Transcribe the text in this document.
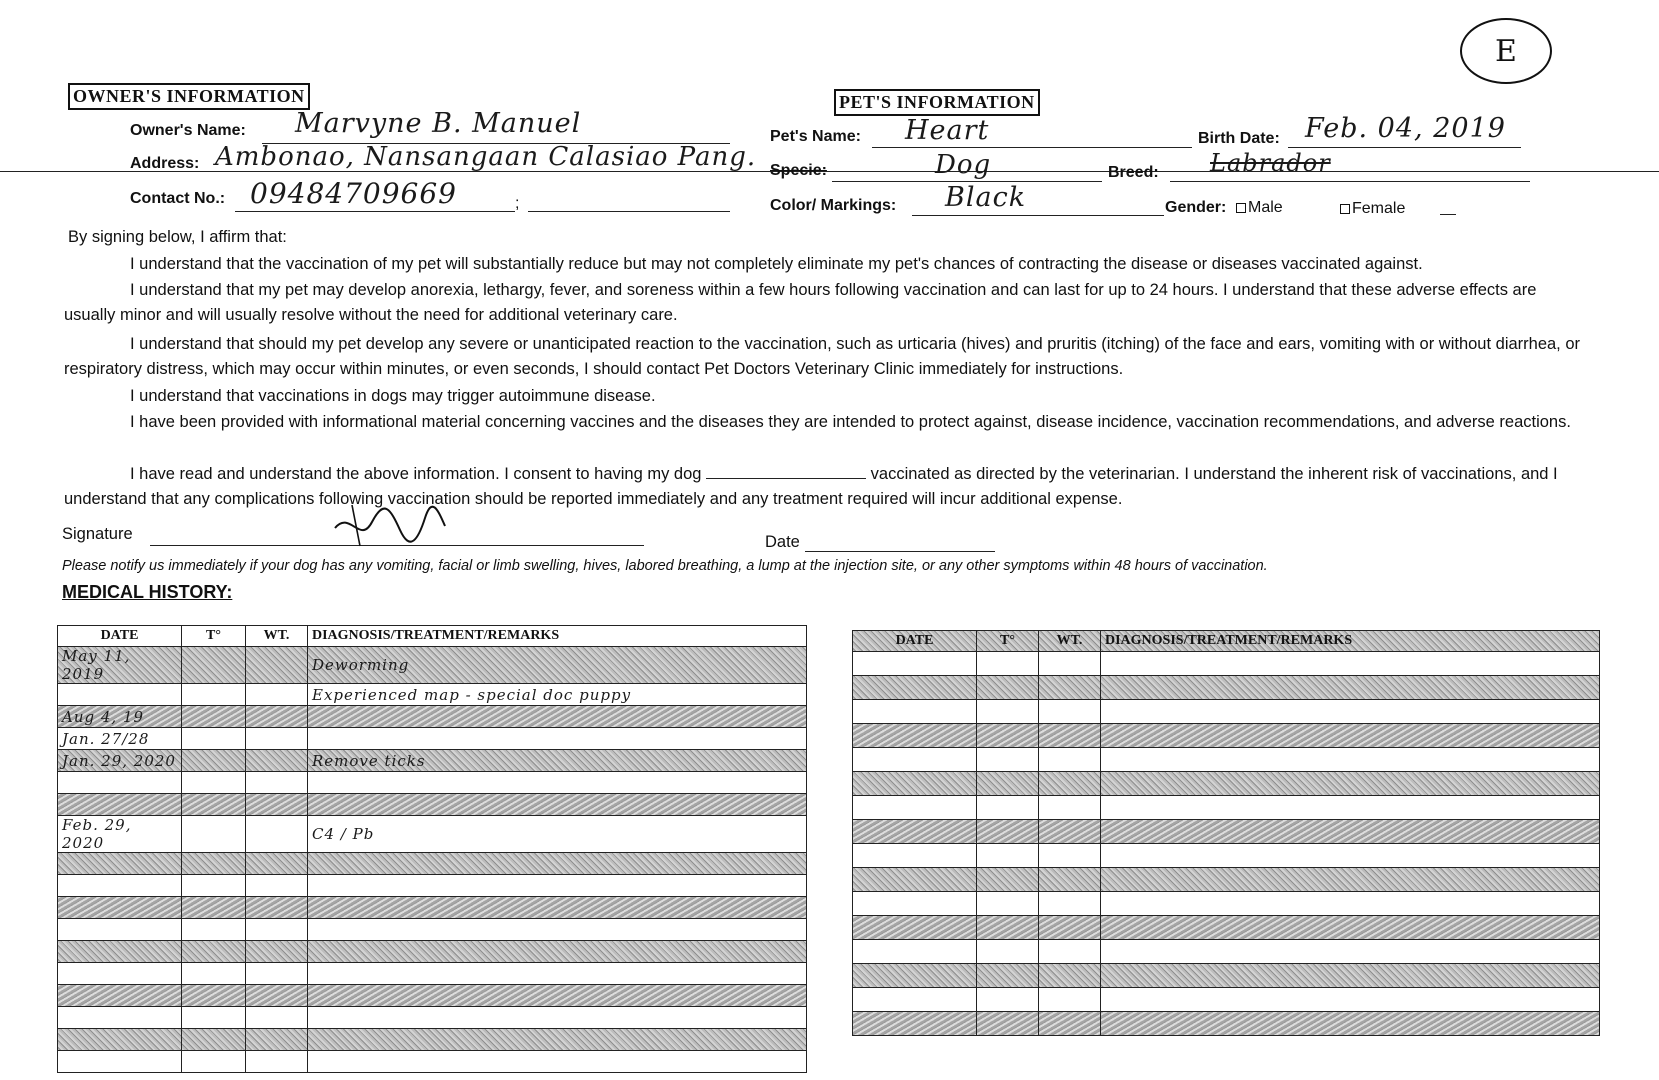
E
OWNER'S INFORMATION
Owner's Name: Marvyne B. Manuel
Address: Ambonao, Nansangaan Calasiao Pang.
Contact No.: 09484709669	;
PET'S INFORMATION
Pet's Name: Heart	Birth Date: Feb. 04, 2019
Specie:	Dog	Breed: Labrador
Color/ Markings: Black	Gender:	Male	Female
By signing below, I affirm that:
I understand that the vaccination of my pet will substantially reduce but may not completely eliminate my pet's chances of contracting the disease or diseases vaccinated against.
I understand that my pet may develop anorexia, lethargy, fever, and soreness within a few hours following vaccination and can last for up to 24 hours. I understand that these adverse effects are usually minor and will usually resolve without the need for additional veterinary care.
I understand that should my pet develop any severe or unanticipated reaction to the vaccination, such as urticaria (hives) and pruritis (itching) of the face and ears, vomiting with or without diarrhea, or respiratory distress, which may occur within minutes, or even seconds, I should contact Pet Doctors Veterinary Clinic immediately for instructions.
I understand that vaccinations in dogs may trigger autoimmune disease.
I have been provided with informational material concerning vaccines and the diseases they are intended to protect against, disease incidence, vaccination recommendations, and adverse reactions.
I have read and understand the above information. I consent to having my dog	vaccinated as directed by the veterinarian. I understand the inherent risk of vaccinations, and I understand that any complications following vaccination should be reported immediately and any treatment required will incur additional expense.
Signature	Date
Please notify us immediately if your dog has any vomiting, facial or limb swelling, hives, labored breathing, a lump at the injection site, or any other symptoms within 48 hours of vaccination.
MEDICAL HISTORY:
DATE	T°	WT.	DIAGNOSIS/TREATMENT/REMARKS
May 11, 2019			Deworming
			Experienced map - special doc puppy
Aug 4, 19			
Jan. 27/28			
Jan. 29, 2020			Remove ticks

Feb. 29, 2020			C4 / Pb

DATE	T°	WT.	DIAGNOSIS/TREATMENT/REMARKS
